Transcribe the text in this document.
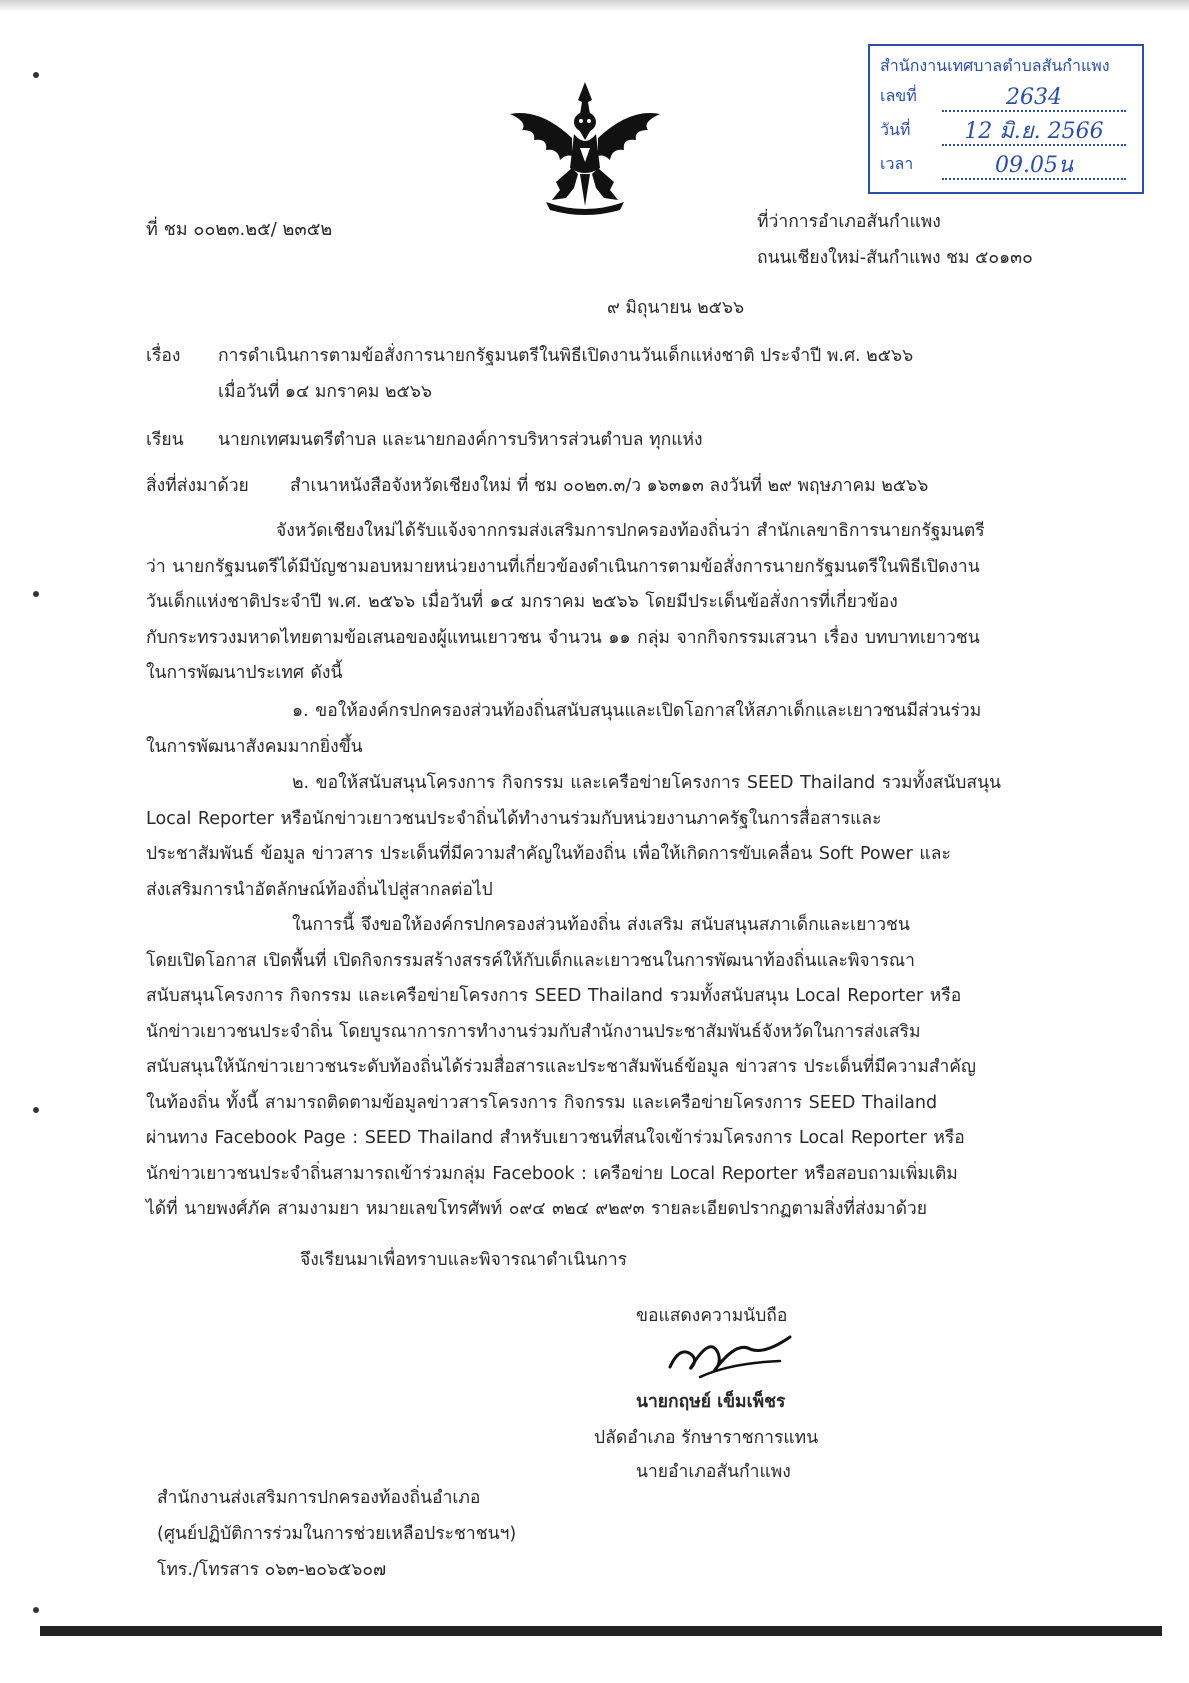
สำนักงานเทศบาลตำบลสันกำแพง
เลขที่	2634
วันที่	12 มิ.ย. 2566
เวลา	09.05น
ที่ ชม ๐๐๒๓.๒๕/ ๒๓๕๒	ที่ว่าการอำเภอสันกำแพง
ถนนเชียงใหม่-สันกำแพง ชม ๕๐๑๓๐
๙ มิถุนายน ๒๕๖๖
เรื่อง การดำเนินการตามข้อสั่งการนายกรัฐมนตรีในพิธีเปิดงานวันเด็กแห่งชาติ ประจำปี พ.ศ. ๒๕๖๖
เมื่อวันที่ ๑๔ มกราคม ๒๕๖๖
เรียน นายกเทศมนตรีตำบล และนายกองค์การบริหารส่วนตำบล ทุกแห่ง
สิ่งที่ส่งมาด้วย สำเนาหนังสือจังหวัดเชียงใหม่ ที่ ชม ๐๐๒๓.๓/ว ๑๖๓๑๓ ลงวันที่ ๒๙ พฤษภาคม ๒๕๖๖
จังหวัดเชียงใหม่ได้รับแจ้งจากกรมส่งเสริมการปกครองท้องถิ่นว่า สำนักเลขาธิการนายกรัฐมนตรี
ว่า นายกรัฐมนตรีได้มีบัญชามอบหมายหน่วยงานที่เกี่ยวข้องดำเนินการตามข้อสั่งการนายกรัฐมนตรีในพิธีเปิดงาน
วันเด็กแห่งชาติประจำปี พ.ศ. ๒๕๖๖ เมื่อวันที่ ๑๔ มกราคม ๒๕๖๖ โดยมีประเด็นข้อสั่งการที่เกี่ยวข้อง
กับกระทรวงมหาดไทยตามข้อเสนอของผู้แทนเยาวชน จำนวน ๑๑ กลุ่ม จากกิจกรรมเสวนา เรื่อง บทบาทเยาวชน
ในการพัฒนาประเทศ ดังนี้
๑. ขอให้องค์กรปกครองส่วนท้องถิ่นสนับสนุนและเปิดโอกาสให้สภาเด็กและเยาวชนมีส่วนร่วม
ในการพัฒนาสังคมมากยิ่งขึ้น
๒. ขอให้สนับสนุนโครงการ กิจกรรม และเครือข่ายโครงการ SEED Thailand รวมทั้งสนับสนุน
Local Reporter หรือนักข่าวเยาวชนประจำถิ่นได้ทำงานร่วมกับหน่วยงานภาครัฐในการสื่อสารและ
ประชาสัมพันธ์ ข้อมูล ข่าวสาร ประเด็นที่มีความสำคัญในท้องถิ่น เพื่อให้เกิดการขับเคลื่อน Soft Power และ
ส่งเสริมการนำอัตลักษณ์ท้องถิ่นไปสู่สากลต่อไป
ในการนี้ จึงขอให้องค์กรปกครองส่วนท้องถิ่น ส่งเสริม สนับสนุนสภาเด็กและเยาวชน
โดยเปิดโอกาส เปิดพื้นที่ เปิดกิจกรรมสร้างสรรค์ให้กับเด็กและเยาวชนในการพัฒนาท้องถิ่นและพิจารณา
สนับสนุนโครงการ กิจกรรม และเครือข่ายโครงการ SEED Thailand รวมทั้งสนับสนุน Local Reporter หรือ
นักข่าวเยาวชนประจำถิ่น โดยบูรณาการการทำงานร่วมกับสำนักงานประชาสัมพันธ์จังหวัดในการส่งเสริม
สนับสนุนให้นักข่าวเยาวชนระดับท้องถิ่นได้ร่วมสื่อสารและประชาสัมพันธ์ข้อมูล ข่าวสาร ประเด็นที่มีความสำคัญ
ในท้องถิ่น ทั้งนี้ สามารถติดตามข้อมูลข่าวสารโครงการ กิจกรรม และเครือข่ายโครงการ SEED Thailand
ผ่านทาง Facebook Page : SEED Thailand สำหรับเยาวชนที่สนใจเข้าร่วมโครงการ Local Reporter หรือ
นักข่าวเยาวชนประจำถิ่นสามารถเข้าร่วมกลุ่ม Facebook : เครือข่าย Local Reporter หรือสอบถามเพิ่มเติม
ได้ที่ นายพงศ์ภัค สามงามยา หมายเลขโทรศัพท์ ๐๙๔ ๓๒๔ ๙๒๙๓ รายละเอียดปรากฏตามสิ่งที่ส่งมาด้วย
จึงเรียนมาเพื่อทราบและพิจารณาดำเนินการ
ขอแสดงความนับถือ
นายกฤษย์ เข็มเพ็ชร
ปลัดอำเภอ รักษาราชการแทน
นายอำเภอสันกำแพง
สำนักงานส่งเสริมการปกครองท้องถิ่นอำเภอ
(ศูนย์ปฏิบัติการร่วมในการช่วยเหลือประชาชนฯ)
โทร./โทรสาร ๐๖๓-๒๐๖๕๖๐๗
